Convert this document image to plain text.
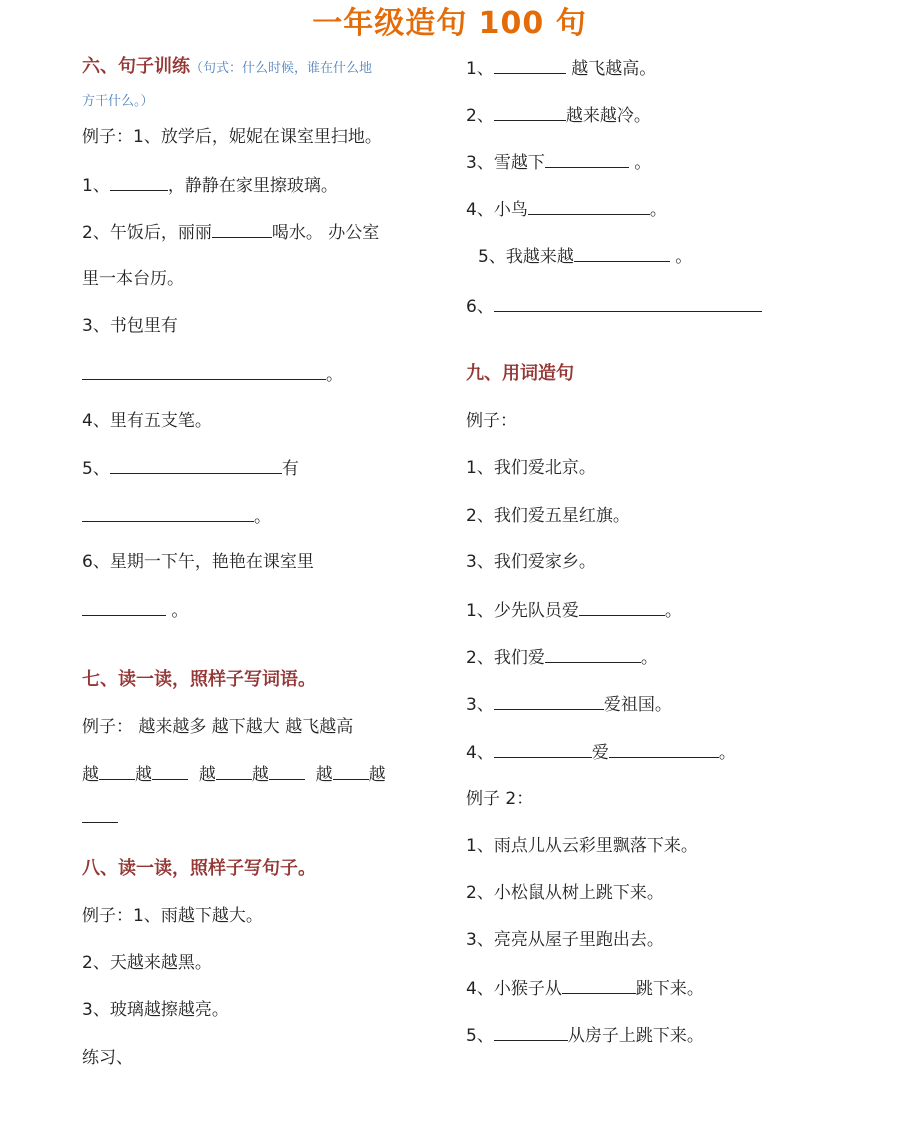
一年级造句 100 句
六、句子训练（句式：什么时候，谁在什么地
方干什么。）
例子：1、放学后，妮妮在课室里扫地。
1、	，静静在家里擦玻璃。
2、午饭后，丽丽	喝水。 办公室
里一本台历。
3、书包里有
。
4、里有五支笔。
5、	有
。
6、星期一下午，艳艳在课室里
。
七、读一读，照样子写词语。
例子： 越来越多 越下越大 越飞越高
越 越	越 越	越 越
八、读一读，照样子写句子。
例子：1、雨越下越大。
2、天越来越黑。
3、玻璃越擦越亮。
练习、
1、	越飞越高。
2、	越来越冷。
3、雪越下	。
4、小鸟	。
5、我越来越	。
6、
九、用词造句
例子：
1、我们爱北京。
2、我们爱五星红旗。
3、我们爱家乡。
1、少先队员爱	。
2、我们爱	。
3、	爱祖国。
4、	爱	。
例子 2：
1、雨点儿从云彩里飘落下来。
2、小松鼠从树上跳下来。
3、亮亮从屋子里跑出去。
4、小猴子从	跳下来。
5、	从房子上跳下来。
